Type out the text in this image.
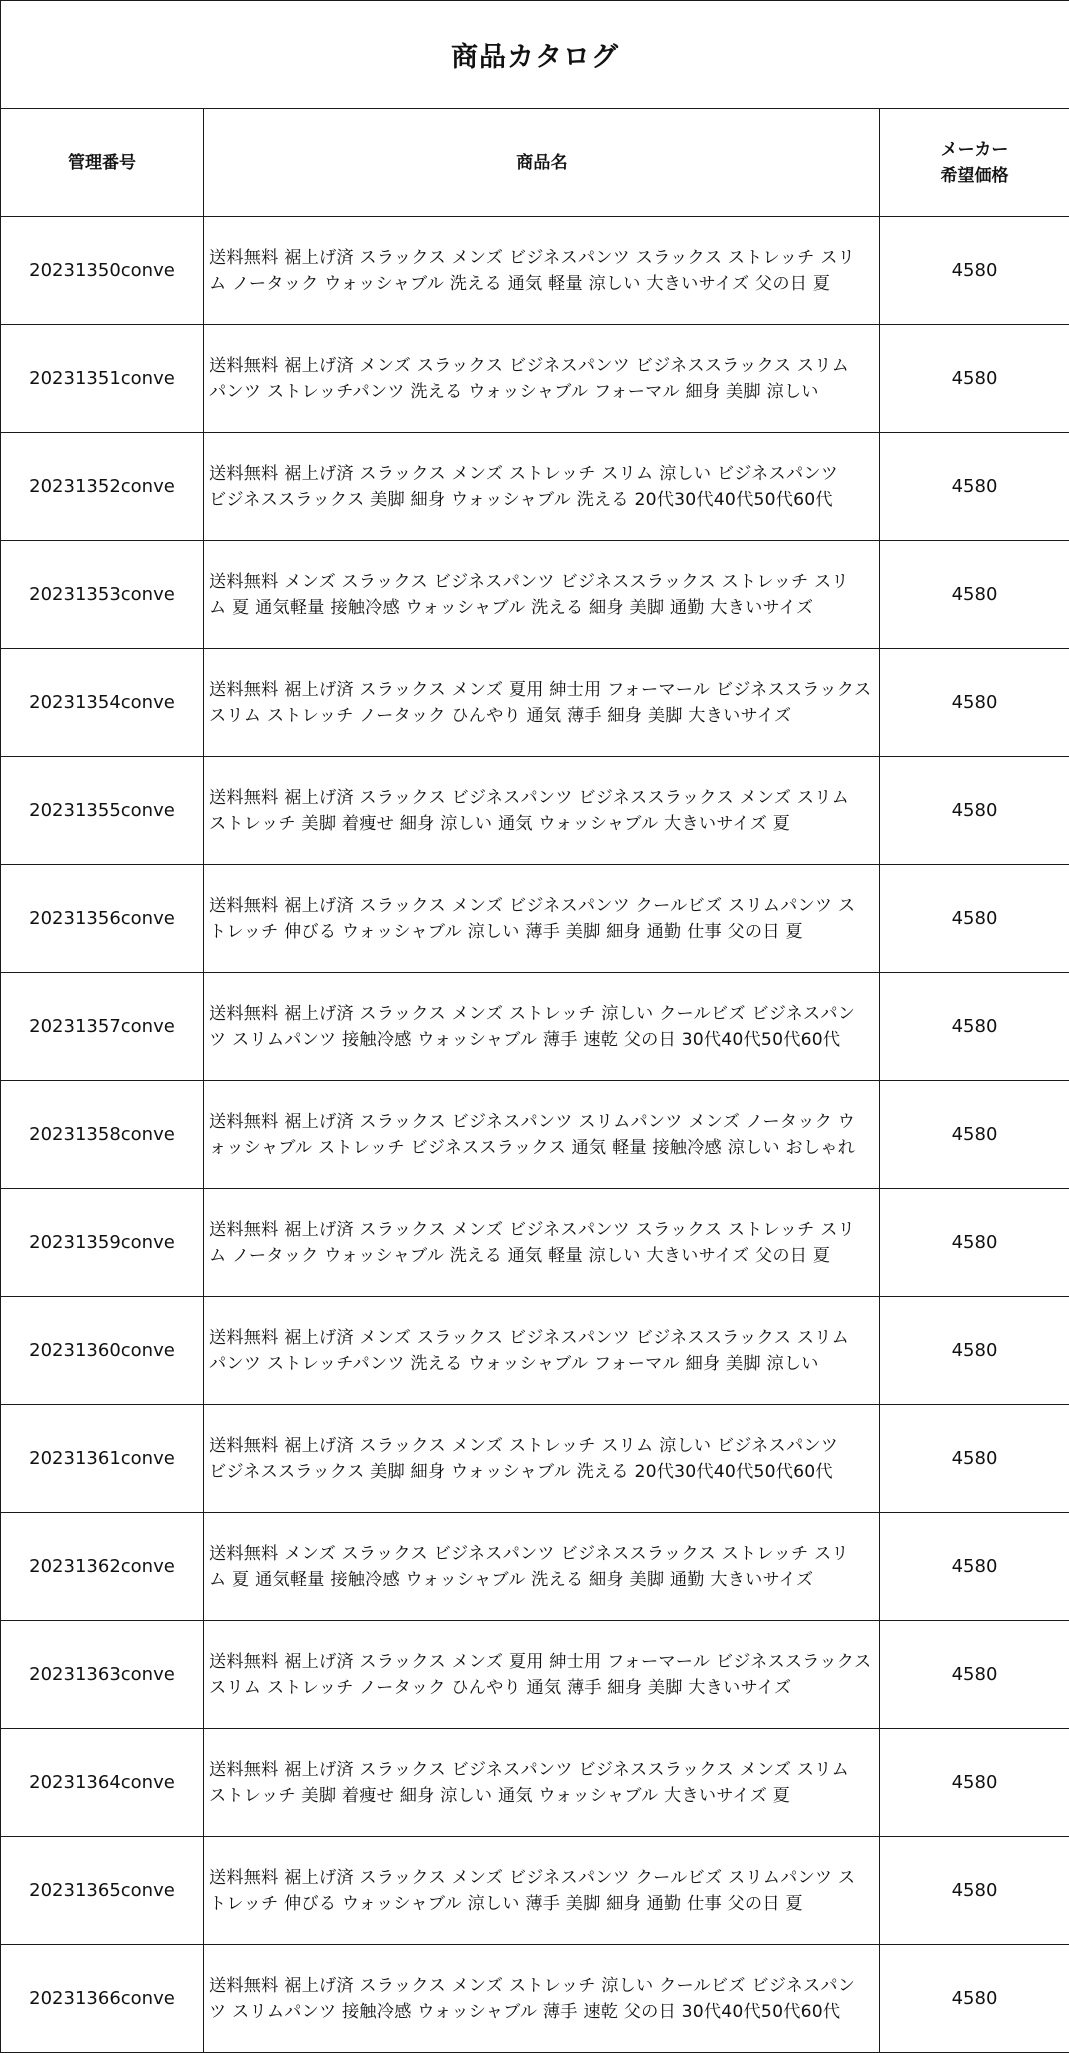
商品カタログ		
管理番号	商品名	メーカー
希望価格

20231350conve	送料無料 裾上げ済 スラックス メンズ ビジネスパンツ スラックス ストレッチ スリ
ム ノータック ウォッシャブル 洗える 通気 軽量 涼しい 大きいサイズ 父の日 夏	4580
20231351conve	送料無料 裾上げ済 メンズ スラックス ビジネスパンツ ビジネススラックス スリム
パンツ ストレッチパンツ 洗える ウォッシャブル フォーマル 細身 美脚 涼しい	4580
20231352conve	送料無料 裾上げ済 スラックス メンズ ストレッチ スリム 涼しい ビジネスパンツ
ビジネススラックス 美脚 細身 ウォッシャブル 洗える 20代30代40代50代60代	4580
20231353conve	送料無料 メンズ スラックス ビジネスパンツ ビジネススラックス ストレッチ スリ
ム 夏 通気軽量 接触冷感 ウォッシャブル 洗える 細身 美脚 通勤 大きいサイズ	4580
20231354conve	送料無料 裾上げ済 スラックス メンズ 夏用 紳士用 フォーマール ビジネススラックス
スリム ストレッチ ノータック ひんやり 通気 薄手 細身 美脚 大きいサイズ	4580
20231355conve	送料無料 裾上げ済 スラックス ビジネスパンツ ビジネススラックス メンズ スリム
ストレッチ 美脚 着痩せ 細身 涼しい 通気 ウォッシャブル 大きいサイズ 夏	4580
20231356conve	送料無料 裾上げ済 スラックス メンズ ビジネスパンツ クールビズ スリムパンツ ス
トレッチ 伸びる ウォッシャブル 涼しい 薄手 美脚 細身 通勤 仕事 父の日 夏	4580
20231357conve	送料無料 裾上げ済 スラックス メンズ ストレッチ 涼しい クールビズ ビジネスパン
ツ スリムパンツ 接触冷感 ウォッシャブル 薄手 速乾 父の日 30代40代50代60代	4580
20231358conve	送料無料 裾上げ済 スラックス ビジネスパンツ スリムパンツ メンズ ノータック ウ
ォッシャブル ストレッチ ビジネススラックス 通気 軽量 接触冷感 涼しい おしゃれ	4580
20231359conve	送料無料 裾上げ済 スラックス メンズ ビジネスパンツ スラックス ストレッチ スリ
ム ノータック ウォッシャブル 洗える 通気 軽量 涼しい 大きいサイズ 父の日 夏	4580
20231360conve	送料無料 裾上げ済 メンズ スラックス ビジネスパンツ ビジネススラックス スリム
パンツ ストレッチパンツ 洗える ウォッシャブル フォーマル 細身 美脚 涼しい	4580
20231361conve	送料無料 裾上げ済 スラックス メンズ ストレッチ スリム 涼しい ビジネスパンツ
ビジネススラックス 美脚 細身 ウォッシャブル 洗える 20代30代40代50代60代	4580
20231362conve	送料無料 メンズ スラックス ビジネスパンツ ビジネススラックス ストレッチ スリ
ム 夏 通気軽量 接触冷感 ウォッシャブル 洗える 細身 美脚 通勤 大きいサイズ	4580
20231363conve	送料無料 裾上げ済 スラックス メンズ 夏用 紳士用 フォーマール ビジネススラックス
スリム ストレッチ ノータック ひんやり 通気 薄手 細身 美脚 大きいサイズ	4580
20231364conve	送料無料 裾上げ済 スラックス ビジネスパンツ ビジネススラックス メンズ スリム
ストレッチ 美脚 着痩せ 細身 涼しい 通気 ウォッシャブル 大きいサイズ 夏	4580
20231365conve	送料無料 裾上げ済 スラックス メンズ ビジネスパンツ クールビズ スリムパンツ ス
トレッチ 伸びる ウォッシャブル 涼しい 薄手 美脚 細身 通勤 仕事 父の日 夏	4580
20231366conve	送料無料 裾上げ済 スラックス メンズ ストレッチ 涼しい クールビズ ビジネスパン
ツ スリムパンツ 接触冷感 ウォッシャブル 薄手 速乾 父の日 30代40代50代60代	4580
